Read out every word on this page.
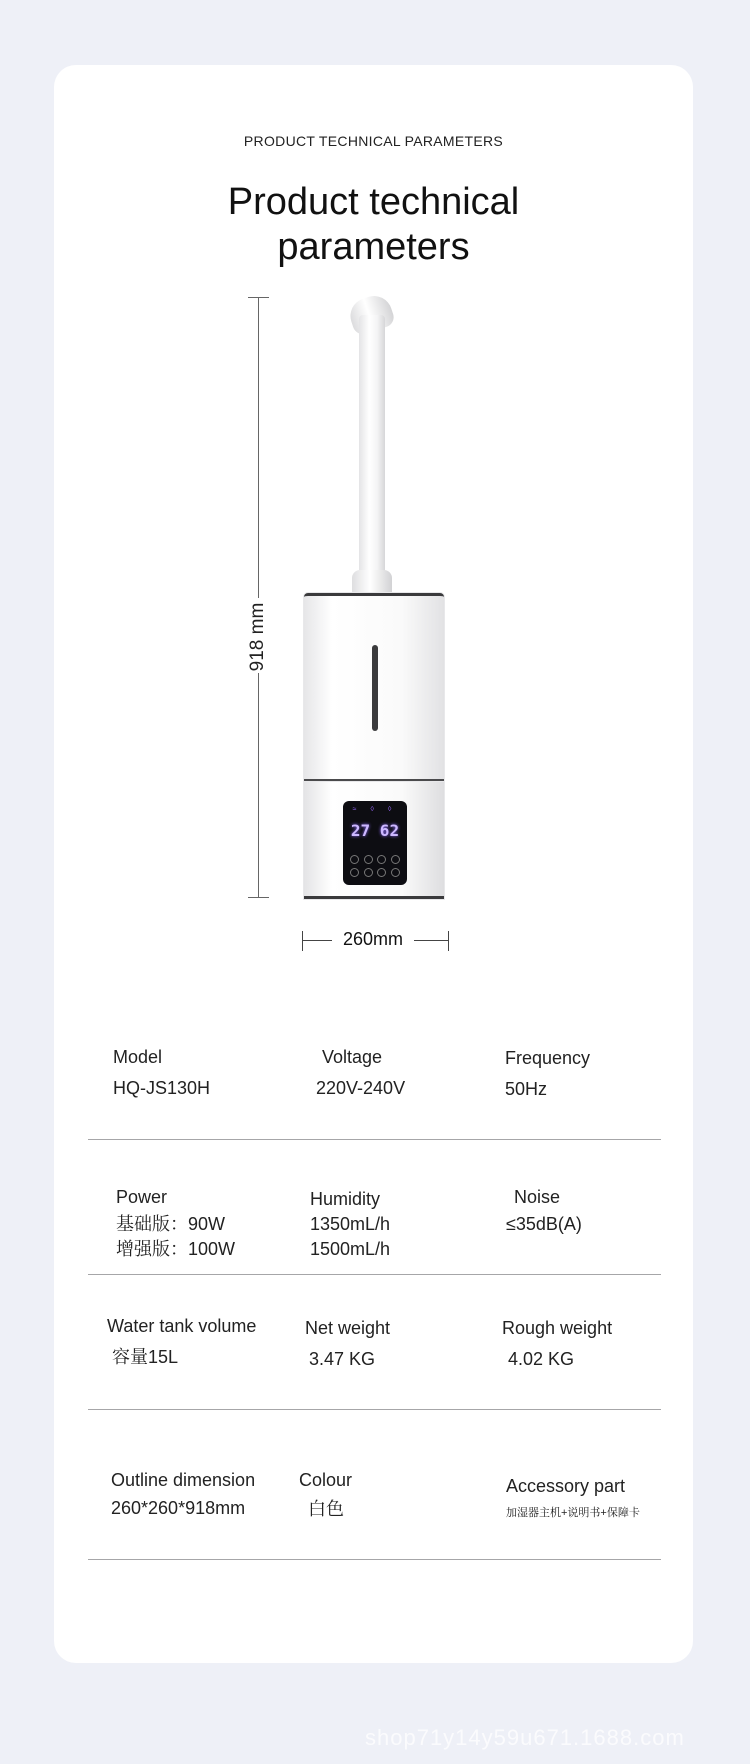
PRODUCT TECHNICAL PARAMETERS
Product technical
parameters
918 mm
≈ ◊ ◊
27 62
260mm
Model
HQ-JS130H
Voltage
220V-240V
Frequency
50Hz
Power
基础版：90W
增强版：100W
Humidity
1350mL/h
1500mL/h
Noise
≤35dB(A)
Water tank volume
容量15L
Net weight
3.47 KG
Rough weight
4.02 KG
Outline dimension
260*260*918mm
Colour
白色
Accessory part
加湿器主机+说明书+保障卡
shop71y14y59u671.1688.com
